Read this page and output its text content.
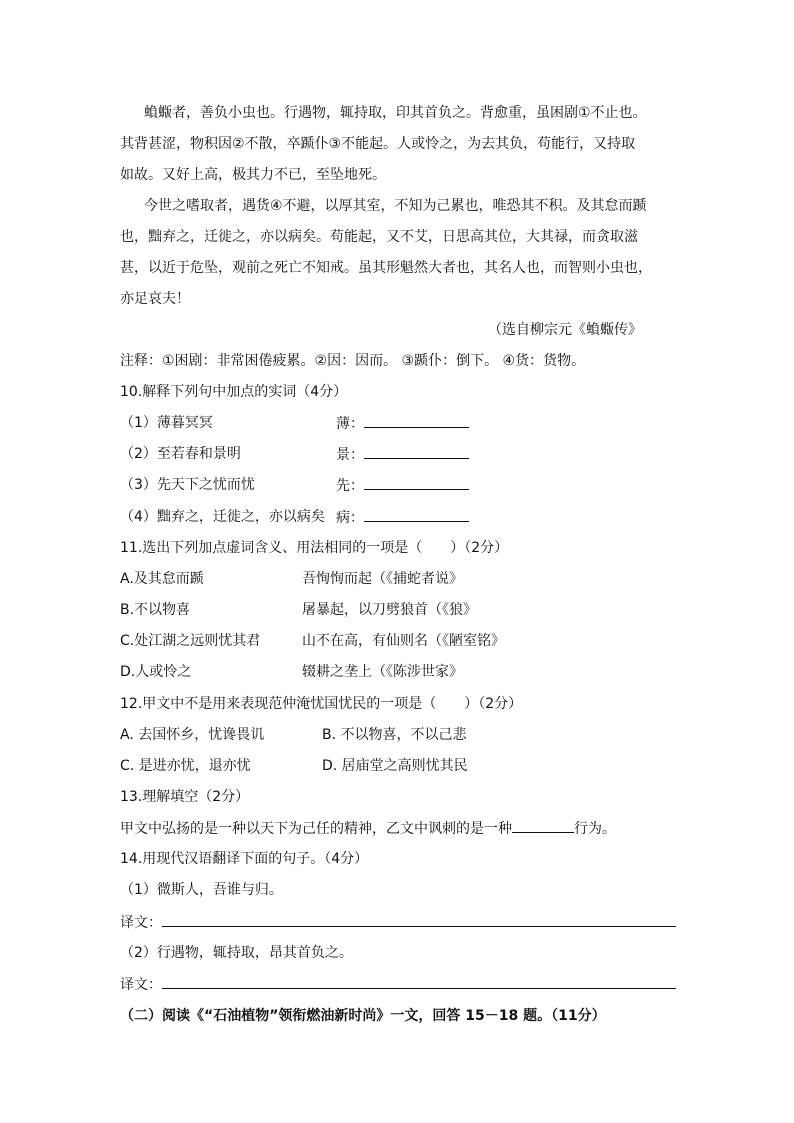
蝜蝂者，善负小虫也。行遇物，辄持取，印其首负之。背愈重，虽困剧①不止也。
其背甚涩，物积因②不散，卒踬仆③不能起。人或怜之，为去其负，苟能行，又持取
如故。又好上高，极其力不已，至坠地死。
今世之嗜取者，遇货④不避，以厚其室，不知为己累也，唯恐其不积。及其怠而踬
也，黜弃之，迁徙之，亦以病矣。苟能起，又不艾，日思高其位，大其禄，而贪取滋
甚，以近于危坠，观前之死亡不知戒。虽其形魁然大者也，其名人也，而智则小虫也，
亦足哀夫！
（选自柳宗元《蝜蝂传》
注释：①困剧：非常困倦疲累。②因：因而。 ③踬仆：倒下。 ④货：货物。
10.解释下列句中加点的实词（4分）
（1）薄暮冥冥	薄：
（2）至若春和景明	景：
（3）先天下之忧而忧	先：
（4）黜弃之，迁徙之，亦以病矣 病：
11.选出下列加点虚词含义、用法相同的一项是（　　）（2分）
A.及其怠而踬	吾恂恂而起（《捕蛇者说》
B.不以物喜	屠暴起，以刀劈狼首（《狼》
C.处江湖之远则忧其君	山不在高，有仙则名（《陋室铭》
D.人或怜之	辍耕之垄上（《陈涉世家》
12.甲文中不是用来表现范仲淹忧国忧民的一项是（　　）（2分）
A. 去国怀乡，忧谗畏讥	B. 不以物喜，不以己悲
C. 是进亦忧，退亦忧	D. 居庙堂之高则忧其民
13.理解填空（2分）
甲文中弘扬的是一种以天下为己任的精神，乙文中讽刺的是一种	行为。
14.用现代汉语翻译下面的句子。（4分）
（1）微斯人，吾谁与归。
译文：
（2）行遇物，辄持取，昂其首负之。
译文：
（二）阅读《“石油植物”领衔燃油新时尚》一文，回答 15－18 题。（11分）
